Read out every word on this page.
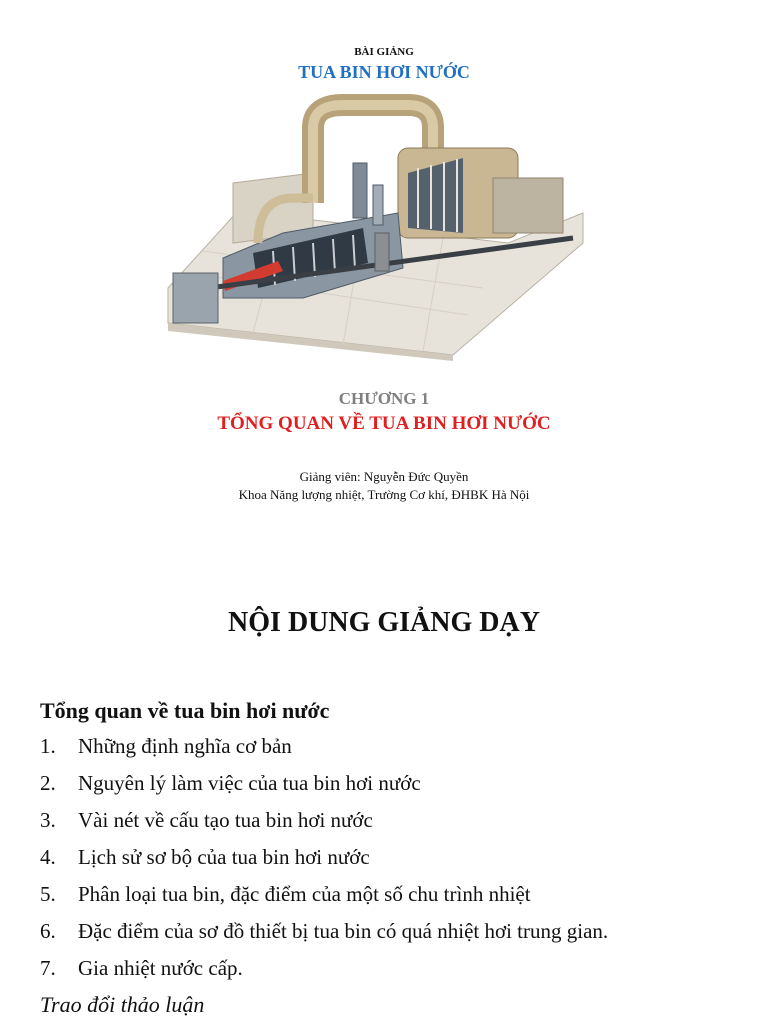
BÀI GIẢNG
TUA BIN HƠI NƯỚC
CHƯƠNG 1
TỔNG QUAN VỀ TUA BIN HƠI NƯỚC
Giảng viên: Nguyễn Đức Quyền
Khoa Năng lượng nhiệt, Trường Cơ khí, ĐHBK Hà Nội
NỘI DUNG GIẢNG DẠY
Tổng quan về tua bin hơi nước
1. Những định nghĩa cơ bản
2. Nguyên lý làm việc của tua bin hơi nước
3. Vài nét về cấu tạo tua bin hơi nước
4. Lịch sử sơ bộ của tua bin hơi nước
5. Phân loại tua bin, đặc điểm của một số chu trình nhiệt
6. Đặc điểm của sơ đồ thiết bị tua bin có quá nhiệt hơi trung gian.
7. Gia nhiệt nước cấp.
Trao đổi thảo luận
